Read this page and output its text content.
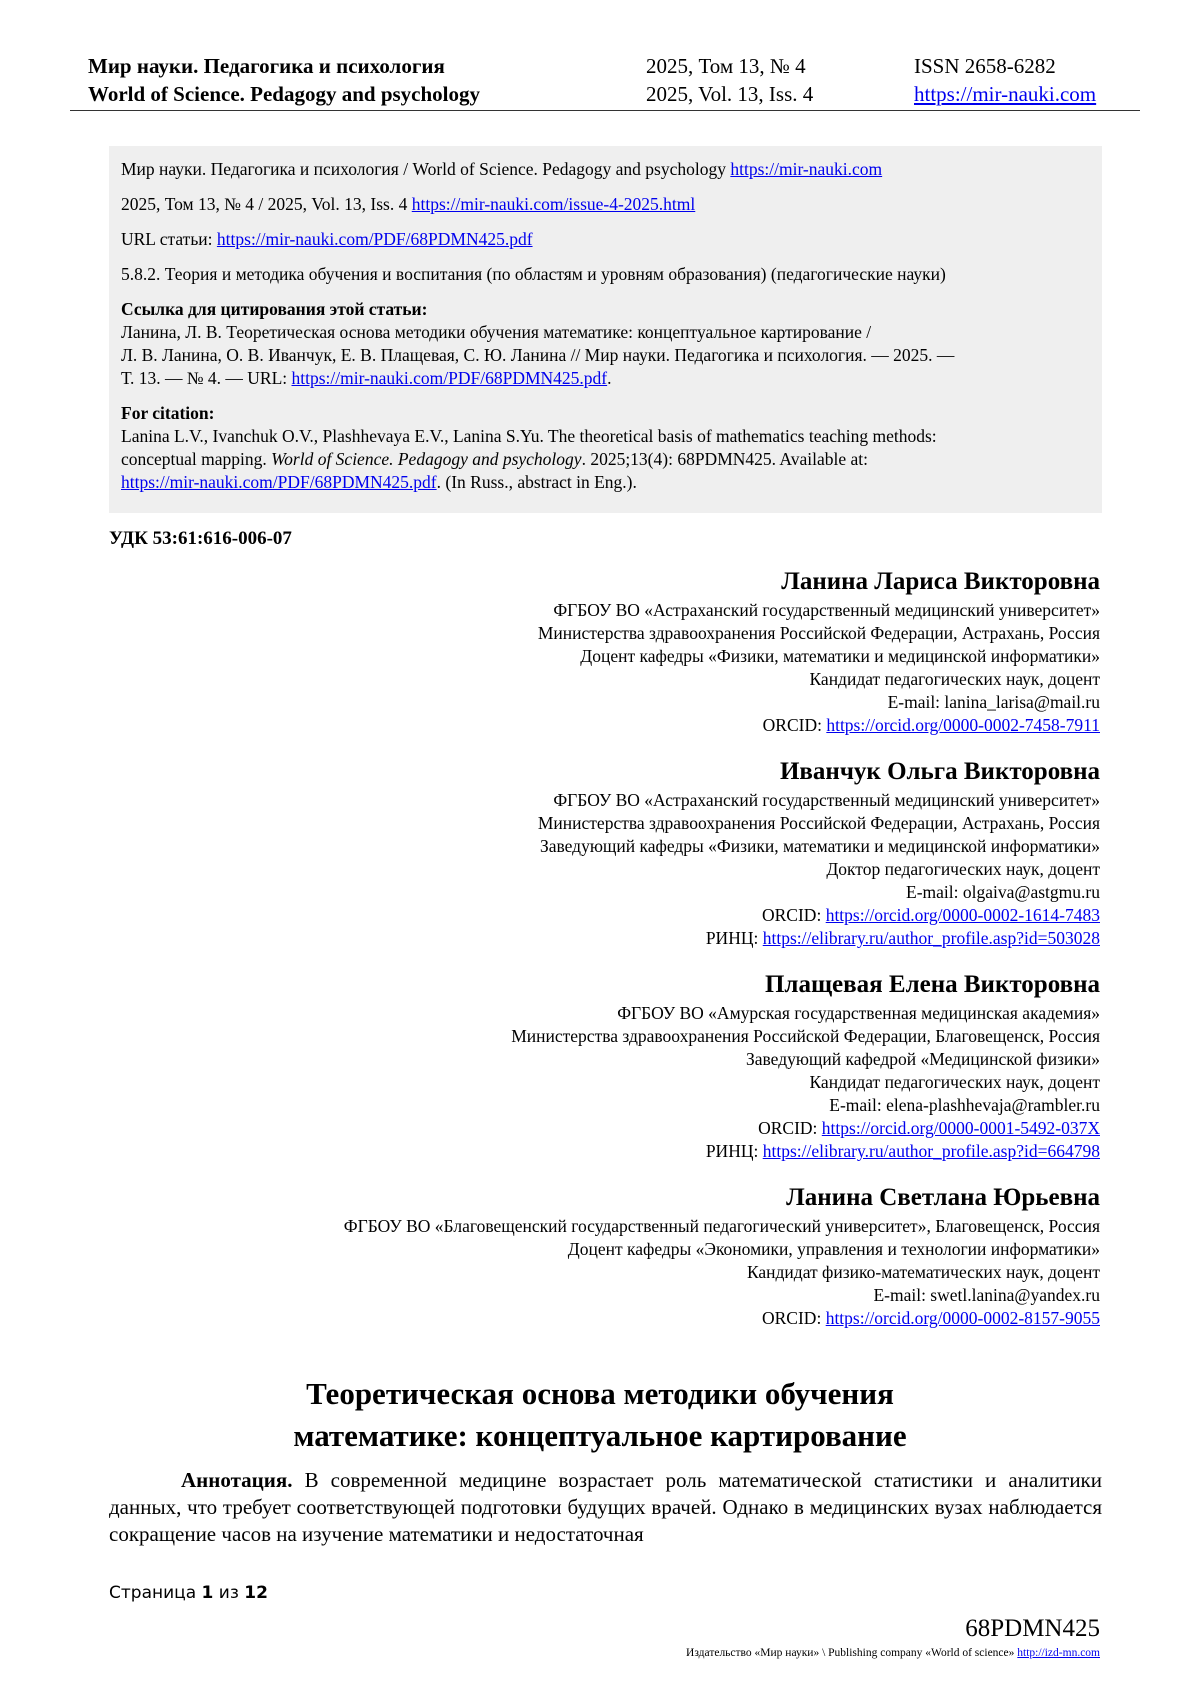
Мир науки. Педагогика и психология	2025, Том 13, № 4	ISSN 2658-6282
World of Science. Pedagogy and psychology	2025, Vol. 13, Iss. 4	https://mir-nauki.com

Мир науки. Педагогика и психология / World of Science. Pedagogy and psychology https://mir-nauki.com

2025, Том 13, № 4 / 2025, Vol. 13, Iss. 4 https://mir-nauki.com/issue-4-2025.html

URL статьи: https://mir-nauki.com/PDF/68PDMN425.pdf

5.8.2. Теория и методика обучения и воспитания (по областям и уровням образования) (педагогические науки)

Ссылка для цитирования этой статьи:
Ланина, Л. В. Теоретическая основа методики обучения математике: концептуальное картирование /
Л. В. Ланина, О. В. Иванчук, Е. В. Плащевая, С. Ю. Ланина // Мир науки. Педагогика и психология. — 2025. —
Т. 13. — № 4. — URL: https://mir-nauki.com/PDF/68PDMN425.pdf.
For citation:
Lanina L.V., Ivanchuk O.V., Plashhevaya E.V., Lanina S.Yu. The theoretical basis of mathematics teaching methods:
conceptual mapping. World of Science. Pedagogy and psychology. 2025;13(4): 68PDMN425. Available at:
https://mir-nauki.com/PDF/68PDMN425.pdf. (In Russ., abstract in Eng.).
УДК 53:61:616-006-07
Ланина Лариса Викторовна
ФГБОУ ВО «Астраханский государственный медицинский университет»
Министерства здравоохранения Российской Федерации, Астрахань, Россия
Доцент кафедры «Физики, математики и медицинской информатики»
Кандидат педагогических наук, доцент
E-mail: lanina_larisa@mail.ru
ORCID: https://orcid.org/0000-0002-7458-7911
Иванчук Ольга Викторовна
ФГБОУ ВО «Астраханский государственный медицинский университет»
Министерства здравоохранения Российской Федерации, Астрахань, Россия
Заведующий кафедры «Физики, математики и медицинской информатики»
Доктор педагогических наук, доцент
E-mail: olgaiva@astgmu.ru
ORCID: https://orcid.org/0000-0002-1614-7483
РИНЦ: https://elibrary.ru/author_profile.asp?id=503028
Плащевая Елена Викторовна
ФГБОУ ВО «Амурская государственная медицинская академия»
Министерства здравоохранения Российской Федерации, Благовещенск, Россия
Заведующий кафедрой «Медицинской физики»
Кандидат педагогических наук, доцент
E-mail: elena-plashhevaja@rambler.ru
ORCID: https://orcid.org/0000-0001-5492-037X
РИНЦ: https://elibrary.ru/author_profile.asp?id=664798
Ланина Светлана Юрьевна
ФГБОУ ВО «Благовещенский государственный педагогический университет», Благовещенск, Россия
Доцент кафедры «Экономики, управления и технологии информатики»
Кандидат физико-математических наук, доцент
E-mail: swetl.lanina@yandex.ru
ORCID: https://orcid.org/0000-0002-8157-9055
Теоретическая основа методики обучения
математике: концептуальное картирование
Аннотация. В современной медицине возрастает роль математической статистики и аналитики данных, что требует соответствующей подготовки будущих врачей. Однако в медицинских вузах наблюдается сокращение часов на изучение математики и недостаточная
Страница 1 из 12
68PDMN425
Издательство «Мир науки» \ Publishing company «World of science» http://izd-mn.com
